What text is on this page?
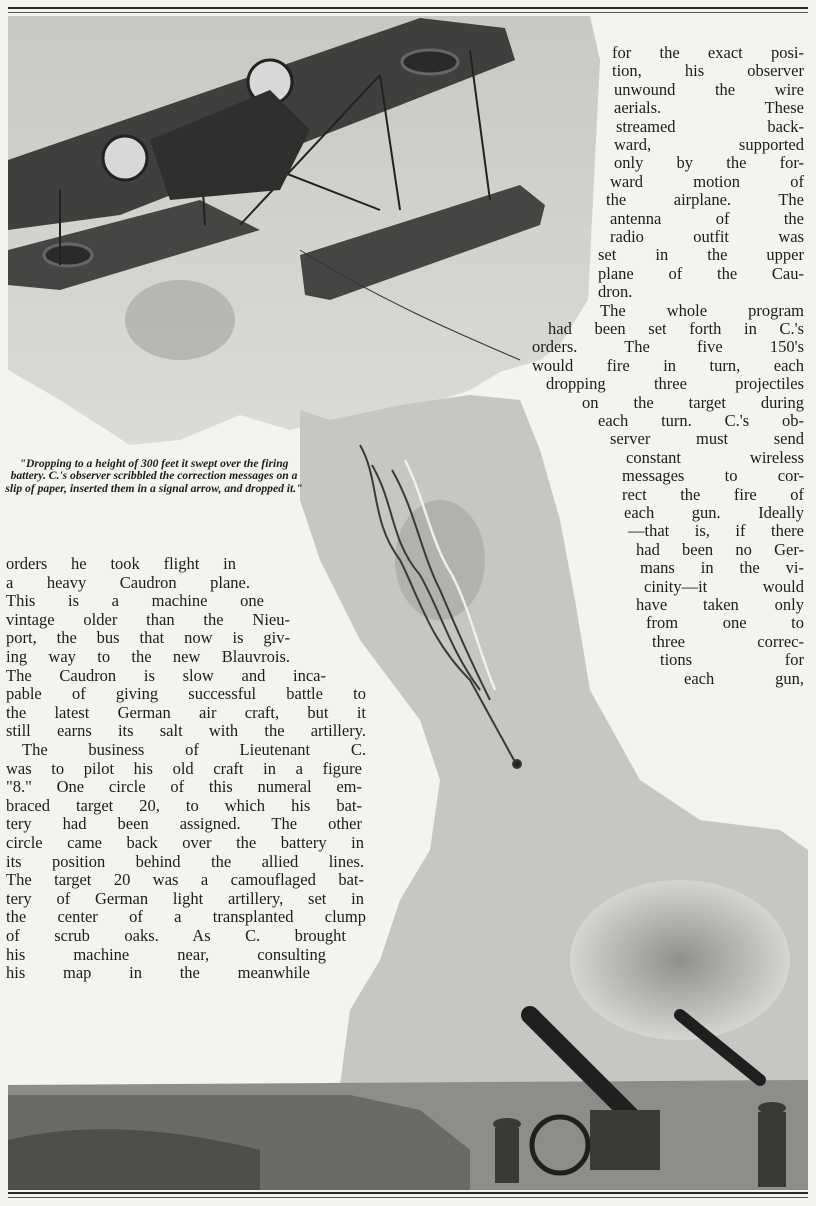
"Dropping to a height of 300 feet it swept over the firing battery. C.'s observer scribbled the correction messages on a slip of paper, inserted them in a signal arrow, and dropped it."

for the exact posi-
tion, his observer
unwound the wire
aerials. These
streamed back-
ward, supported
only by the for-
ward motion of
the airplane. The
antenna of the
radio outfit was
set in the upper
plane of the Cau-
dron.
The whole program
had been set forth in C.'s
orders. The five 150's
would fire in turn, each
dropping three projectiles
on the target during
each turn. C.'s ob-
server must send
constant wireless
messages to cor-
rect the fire of
each gun. Ideally
—that is, if there
had been no Ger-
mans in the vi-
cinity—it would
have taken only
from one to
three correc-
tions for
each gun,
orders he took flight in
a heavy Caudron plane.
This is a machine one
vintage older than the Nieu-
port, the bus that now is giv-
ing way to the new Blauvrois.
The Caudron is slow and inca-
pable of giving successful battle to
the latest German air craft, but it
still earns its salt with the artillery.
The business of Lieutenant C.
was to pilot his old craft in a figure
"8." One circle of this numeral em-
braced target 20, to which his bat-
tery had been assigned. The other
circle came back over the battery in
its position behind the allied lines.
The target 20 was a camouflaged bat-
tery of German light artillery, set in
the center of a transplanted clump
of scrub oaks. As C. brought
his machine near, consulting
his map in the meanwhile
